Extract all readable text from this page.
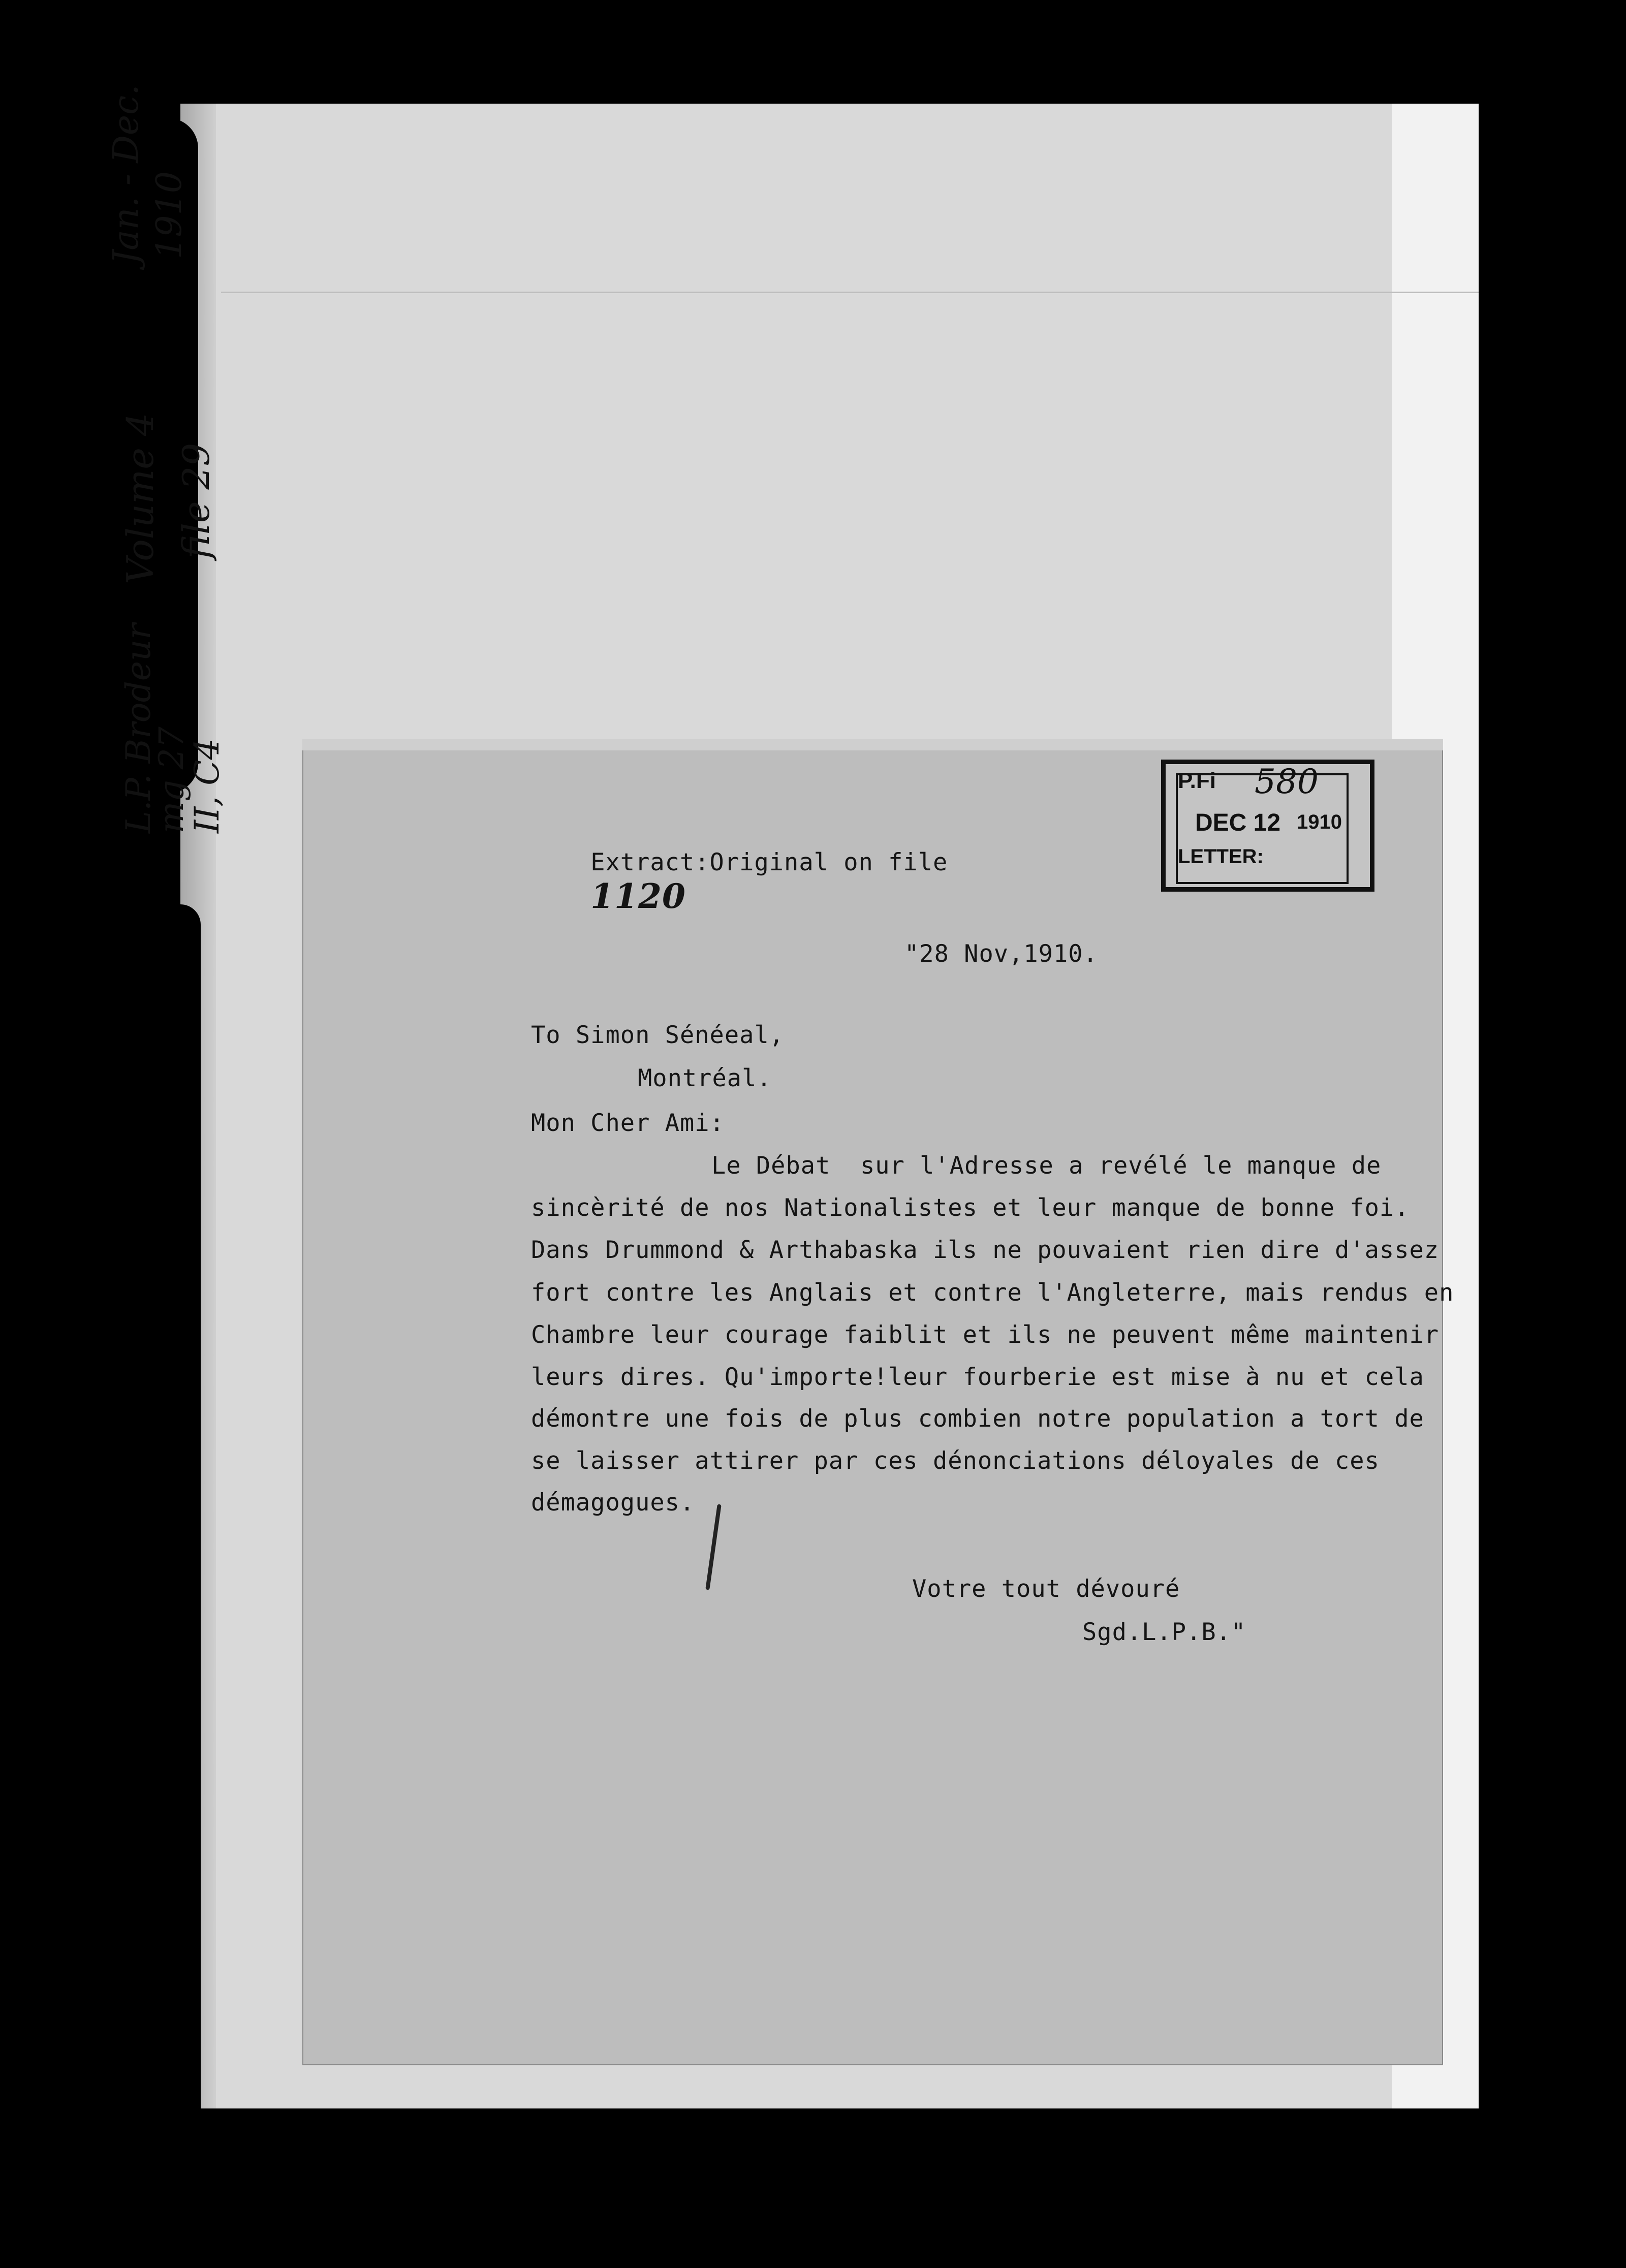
Jan. - Dec. 1910
Volume 4 file 29
L.P. Brodeur
mg 27
II, C4

Extract:Original on file
1120

"28 Nov,1910.
To Simon Sénéeal,
Montréal.
Mon Cher Ami:
Le Débat  sur l'Adresse a revélé le manque de
sincèrité de nos Nationalistes et leur manque de bonne foi.
Dans Drummond & Arthabaska ils ne pouvaient rien dire d'assez
fort contre les Anglais et contre l'Angleterre, mais rendus en
Chambre leur courage faiblit et ils ne peuvent même maintenir
leurs dires. Qu'importe!leur fourberie est mise à nu et cela
démontre une fois de plus combien notre population a tort de
se laisser attirer par ces dénonciations déloyales de ces
démagogues.
Votre tout dévouré
Sgd.L.P.B."
P.Fi 580
DEC 12 1910
LETTER:
